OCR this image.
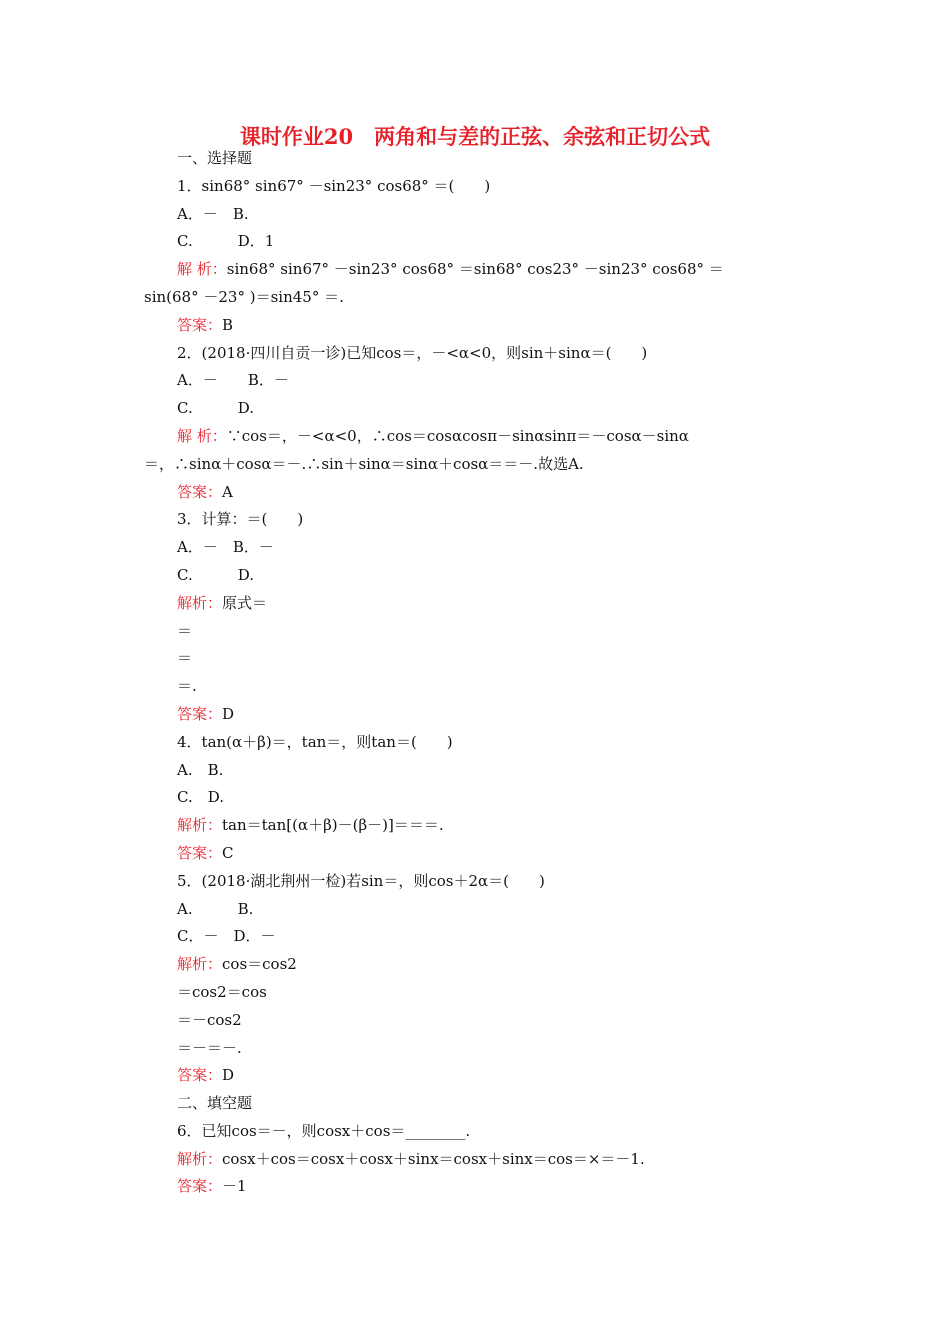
课时作业20　两角和与差的正弦、余弦和正切公式
一、选择题
1．sin68° sin67° －sin23° cos68° ＝(　　)
A．－　B.
C.　　　D．1
解 析：sin68° sin67° －sin23° cos68° ＝sin68° cos23° －sin23° cos68° ＝
sin(68° －23° )＝sin45° ＝.
答案：B
2．(2018·四川自贡一诊)已知cos＝，－<α<0，则sin＋sinα＝(　　)
A．－　　B．－
C.　　　D.
解 析：∵cos＝，－<α<0，∴cos＝cosαcosπ－sinαsinπ＝－cosα－sinα
＝，∴sinα＋cosα＝－.∴sin＋sinα＝sinα＋cosα＝＝－.故选A.
答案：A
3．计算：＝(　　)
A．－　B．－
C.　　　D.
解析：原式＝
＝
＝
＝.
答案：D
4．tan(α＋β)＝，tan＝，则tan＝(　　)
A.　B.
C.　D.
解析：tan＝tan[(α＋β)－(β－)]＝＝＝.
答案：C
5．(2018·湖北荆州一检)若sin＝，则cos＋2α＝(　　)
A.　　　B.
C．－　D．－
解析：cos＝cos2
＝cos2＝cos
＝－cos2
＝－＝－.
答案：D
二、填空题
6．已知cos＝－，则cosx＋cos＝________.
解析：cosx＋cos＝cosx＋cosx＋sinx＝cosx＋sinx＝cos＝×＝－1.
答案：－1
